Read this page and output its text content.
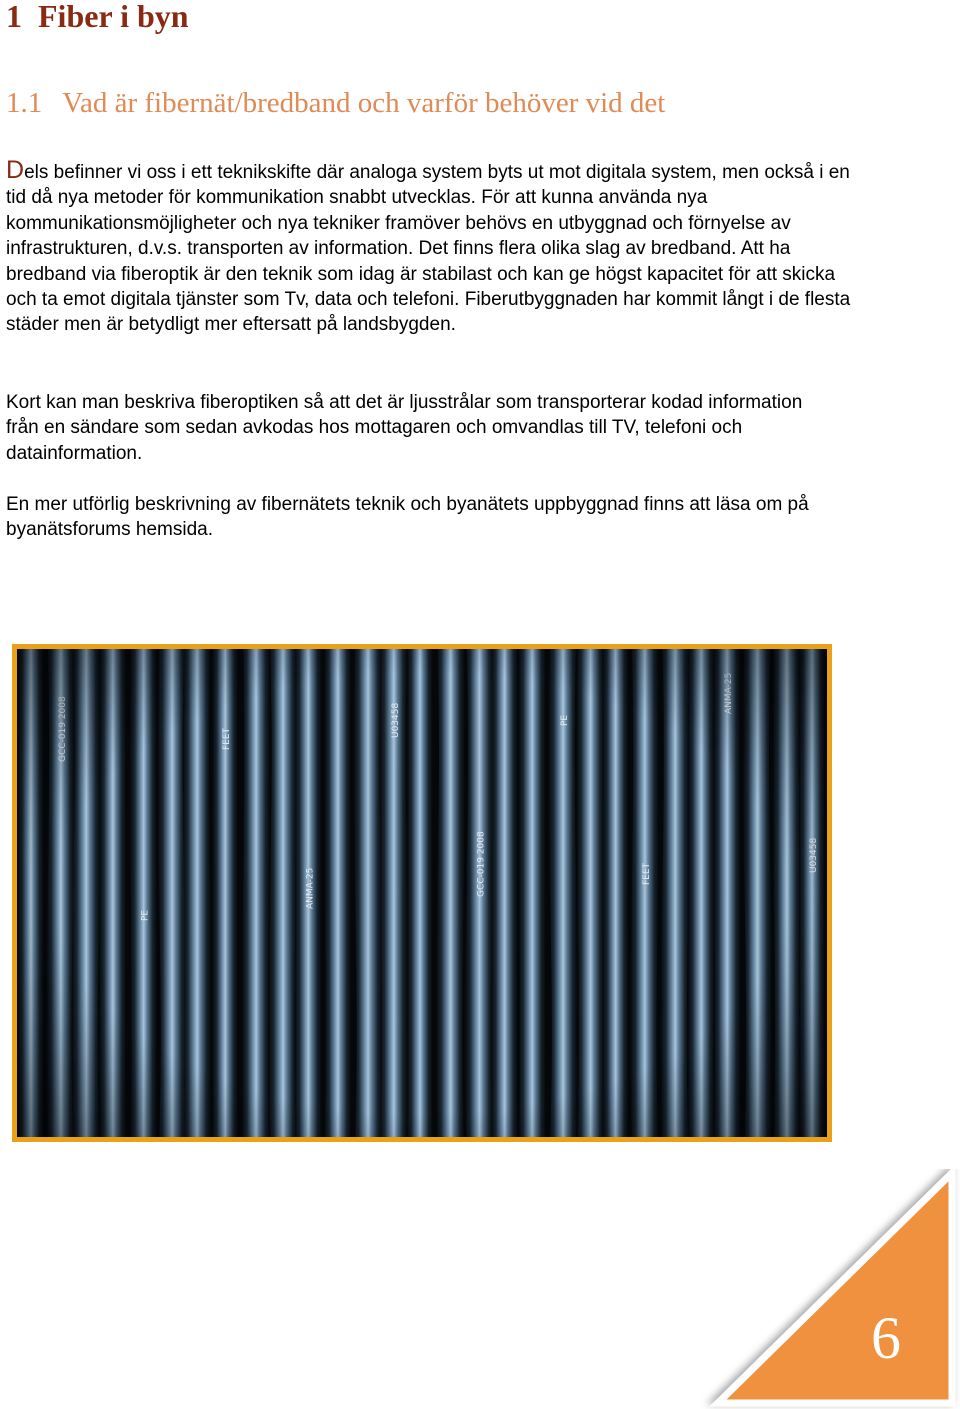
1 Fiber i byn
1.1 Vad är fibernät/bredband och varför behöver vid det

Dels befinner vi oss i ett teknikskifte där analoga system byts ut mot digitala system, men också i en tid då nya metoder för kommunikation snabbt utvecklas. För att kunna använda nya kommunikationsmöjligheter och nya tekniker framöver behövs en utbyggnad och förnyelse av infrastrukturen, d.v.s. transporten av information. Det finns flera olika slag av bredband. Att ha bredband via fiberoptik är den teknik som idag är stabilast och kan ge högst kapacitet för att skicka och ta emot digitala tjänster som Tv, data och telefoni. Fiberutbyggnaden har kommit långt i de flesta städer men är betydligt mer eftersatt på landsbygden.

Kort kan man beskriva fiberoptiken så att det är ljusstrålar som transporterar kodad information från en sändare som sedan avkodas hos mottagaren och omvandlas till TV, telefoni och datainformation.

En mer utförlig beskrivning av fibernätets teknik och byanätets uppbyggnad finns att läsa om på byanätsforums hemsida.

6
